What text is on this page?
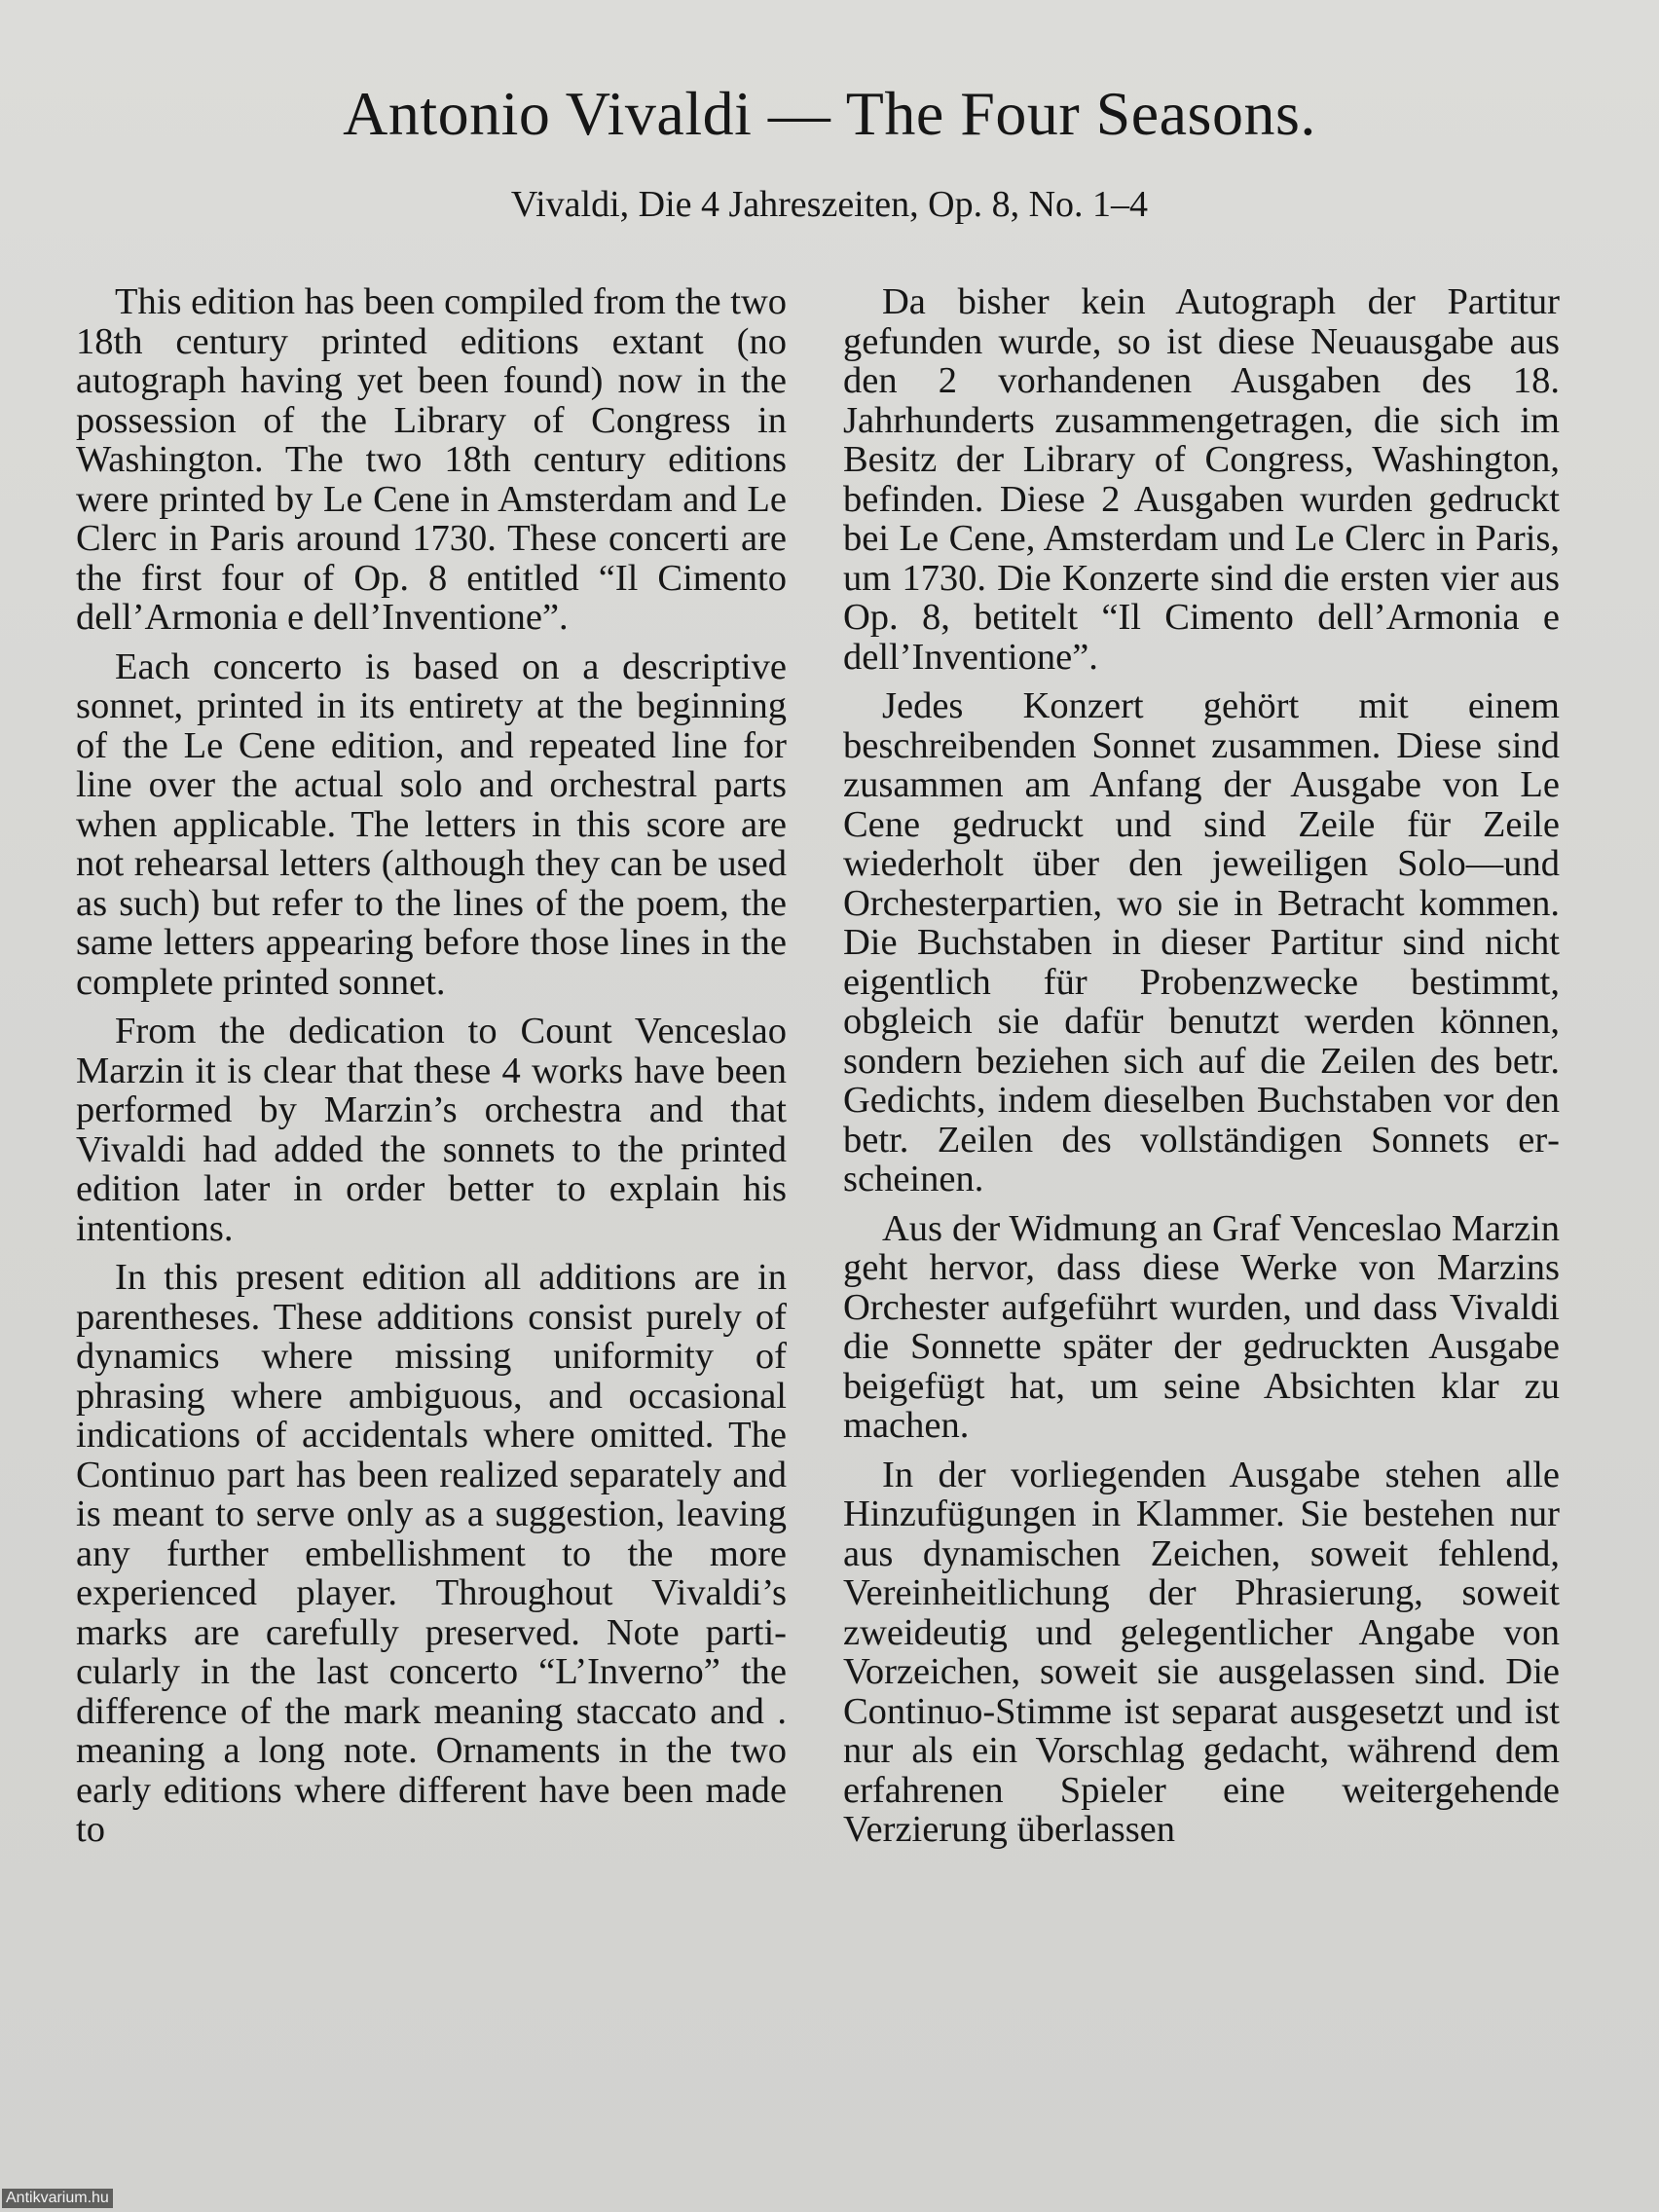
Antonio Vivaldi — The Four Seasons.
Vivaldi, Die 4 Jahreszeiten, Op. 8, No. 1–4

This edition has been compiled from the two 18th century printed editions extant (no autograph having yet been found) now in the possession of the Library of Congress in Washington. The two 18th century editions were printed by Le Cene in Amsterdam and Le Clerc in Paris around 1730. These concerti are the first four of Op. 8 entitled “Il Cimento dell’Armonia e dell’Inventione”.

Each concerto is based on a descriptive sonnet, printed in its entirety at the beginning of the Le Cene edition, and repeated line for line over the actual solo and orchestral parts when applicable. The letters in this score are not rehearsal letters (although they can be used as such) but refer to the lines of the poem, the same letters appearing before those lines in the complete printed sonnet.

From the dedication to Count Venceslao Marzin it is clear that these 4 works have been performed by Marzin’s orchestra and that Vivaldi had added the sonnets to the printed edition later in order better to explain his intentions.

In this present edition all additions are in parentheses. These additions consist purely of dynamics where missing uniformity of phrasing where ambiguous, and occasional indications of accidentals where omitted. The Continuo part has been realized separately and is meant to serve only as a suggestion, leaving any further embellishment to the more experienced player. Throughout Vivaldi’s marks are carefully preserved. Note particularly in the last concerto “L’Inverno” the difference of the mark meaning staccato and . meaning a long note. Ornaments in the two early editions where different have been made to

Da bisher kein Autograph der Partitur gefunden wurde, so ist diese Neuausgabe aus den 2 vorhandenen Ausgaben des 18. Jahrhunderts zusammengetragen, die sich im Besitz der Library of Congress, Washington, befinden. Diese 2 Ausgaben wurden gedruckt bei Le Cene, Amsterdam und Le Clerc in Paris, um 1730. Die Konzerte sind die ersten vier aus Op. 8, betitelt “Il Cimento dell’Armonia e dell’Inventione”.

Jedes Konzert gehört mit einem beschreibenden Sonnet zusammen. Diese sind zusammen am Anfang der Ausgabe von Le Cene gedruckt und sind Zeile für Zeile wiederholt über den jeweiligen Solo—und Orchesterpartien, wo sie in Betracht kommen. Die Buchstaben in dieser Partitur sind nicht eigentlich für Probenzwecke bestimmt, obgleich sie dafür benutzt werden können, sondern beziehen sich auf die Zeilen des betr. Gedichts, indem dieselben Buchstaben vor den betr. Zeilen des vollständigen Sonnets erscheinen.

Aus der Widmung an Graf Venceslao Marzin geht hervor, dass diese Werke von Marzins Orchester aufgeführt wurden, und dass Vivaldi die Sonnette später der gedruckten Ausgabe beigefügt hat, um seine Absichten klar zu machen.

In der vorliegenden Ausgabe stehen alle Hinzufügungen in Klammer. Sie bestehen nur aus dynamischen Zeichen, soweit fehlend, Vereinheitlichung der Phrasierung, soweit zweideutig und gelegentlicher Angabe von Vorzeichen, soweit sie ausgelassen sind. Die Continuo-Stimme ist separat ausgesetzt und ist nur als ein Vorschlag gedacht, während dem erfahrenen Spieler eine weitergehende Verzierung überlassen

Antikvarium.hu
